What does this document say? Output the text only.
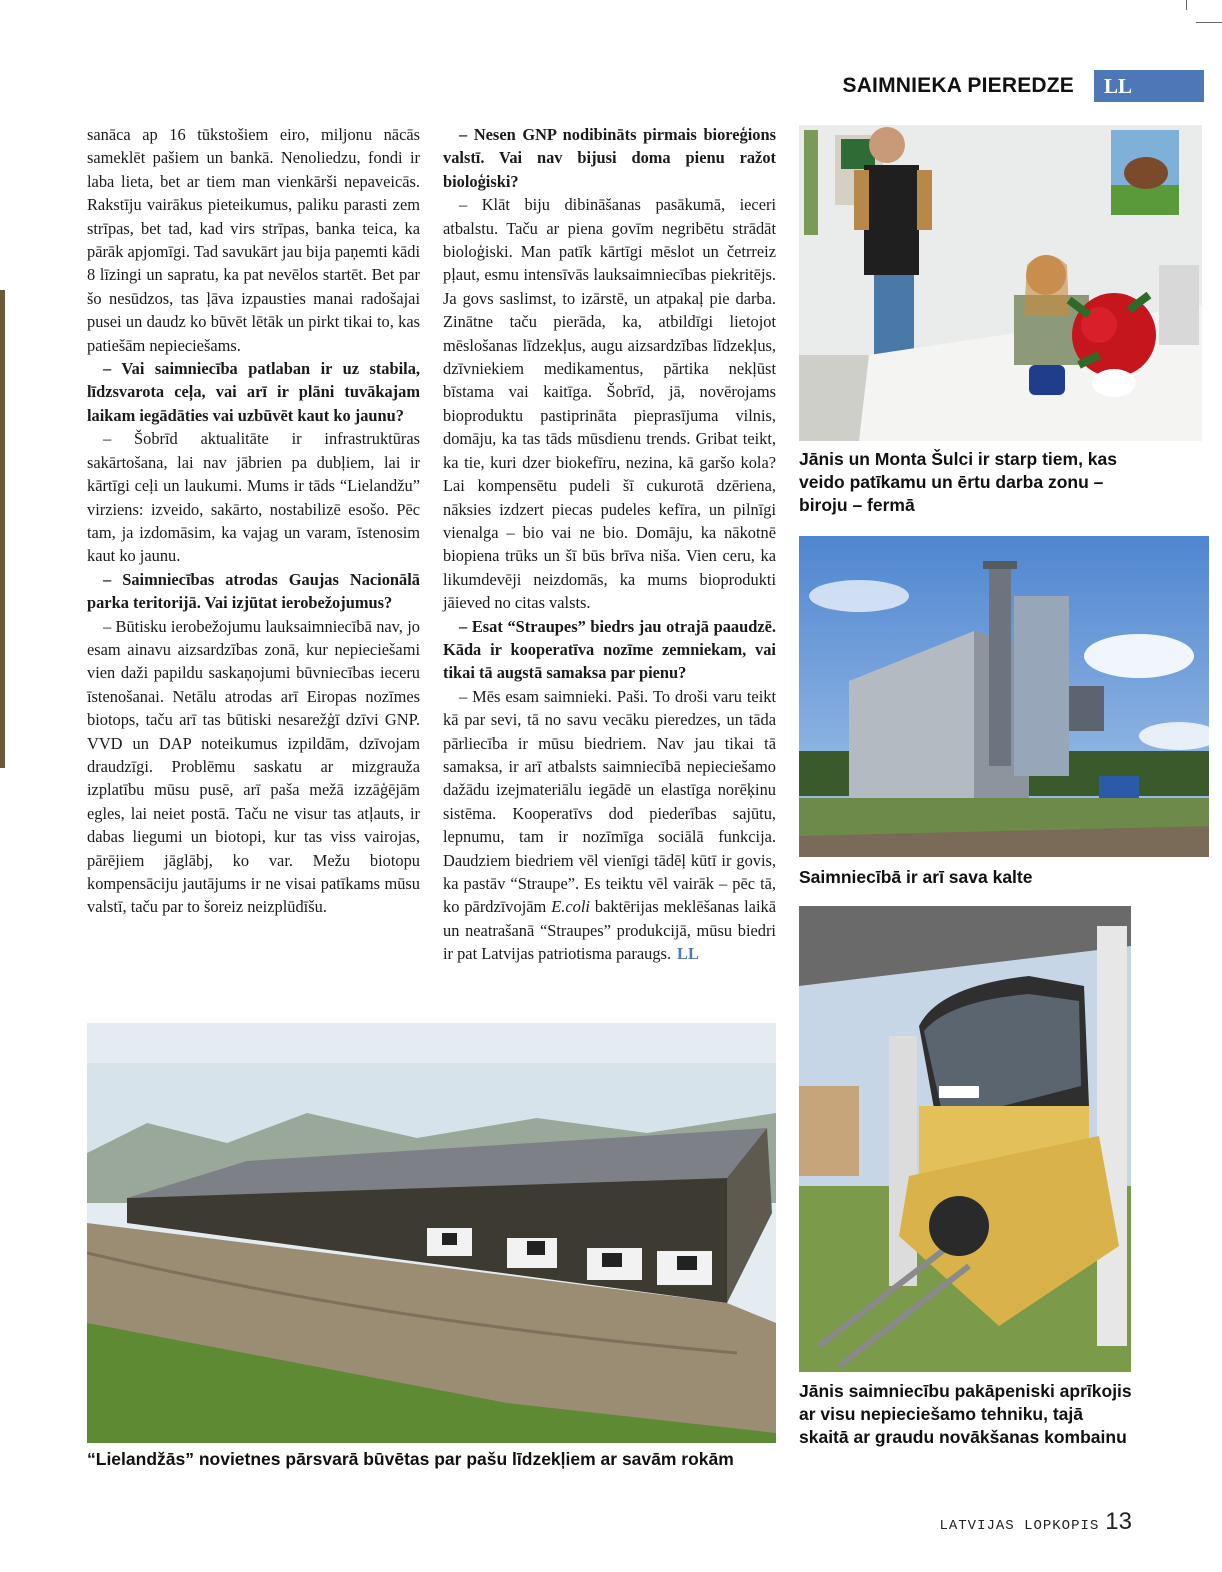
SAIMNIEKA PIEREDZE	LL

sanāca ap 16 tūkstošiem eiro, miljonu nācās sameklēt pašiem un bankā. Nenoliedzu, fondi ir laba lieta, bet ar tiem man vienkārši nepaveicās. Rakstīju vairākus pieteikumus, paliku parasti zem strīpas, bet tad, kad virs strīpas, banka teica, ka pārāk apjomīgi. Tad savukārt jau bija paņemti kādi 8 līzingi un sapratu, ka pat nevēlos startēt. Bet par šo nesūdzos, tas ļāva izpausties manai radošajai pusei un daudz ko būvēt lētāk un pirkt tikai to, kas patiešām nepieciešams.

– Vai saimniecība patlaban ir uz stabila, līdzsvarota ceļa, vai arī ir plāni tuvākajam laikam iegādāties vai uzbūvēt kaut ko jaunu?

– Šobrīd aktualitāte ir infrastruktūras sakārtošana, lai nav jābrien pa dubļiem, lai ir kārtīgi ceļi un laukumi. Mums ir tāds “Lielandžu” virziens: izveido, sakārto, nostabilizē esošo. Pēc tam, ja izdomāsim, ka vajag un varam, īstenosim kaut ko jaunu.

– Saimniecības atrodas Gaujas Nacionālā parka teritorijā. Vai izjūtat ierobežojumus?

– Būtisku ierobežojumu lauksaimniecībā nav, jo esam ainavu aizsardzības zonā, kur nepieciešami vien daži papildu saskaņojumi būvniecības ieceru īstenošanai. Netālu atrodas arī Eiropas nozīmes biotops, taču arī tas būtiski nesarežģī dzīvi GNP. VVD un DAP noteikumus izpildām, dzīvojam draudzīgi. Problēmu saskatu ar mizgrauža izplatību mūsu pusē, arī paša mežā izzāģējām egles, lai neiet postā. Taču ne visur tas atļauts, ir dabas liegumi un biotopi, kur tas viss vairojas, pārējiem jāglābj, ko var. Mežu biotopu kompensāciju jautājums ir ne visai patīkams mūsu valstī, taču par to šoreiz neizplūdīšu.

– Nesen GNP nodibināts pirmais bioreģions valstī. Vai nav bijusi doma pienu ražot bioloģiski?

– Klāt biju dibināšanas pasākumā, ieceri atbalstu. Taču ar piena govīm negribētu strādāt bioloģiski. Man patīk kārtīgi mēslot un četrreiz pļaut, esmu intensīvās lauksaimniecības piekritējs. Ja govs saslimst, to izārstē, un atpakaļ pie darba. Zinātne taču pierāda, ka, atbildīgi lietojot mēslošanas līdzekļus, augu aizsardzības līdzekļus, dzīvniekiem medikamentus, pārtika nekļūst bīstama vai kaitīga. Šobrīd, jā, novērojams bioproduktu pastiprināta pieprasījuma vilnis, domāju, ka tas tāds mūsdienu trends. Gribat teikt, ka tie, kuri dzer biokefīru, nezina, kā garšo kola? Lai kompensētu pudeli šī cukurotā dzēriena, nāksies izdzert piecas pudeles kefīra, un pilnīgi vienalga – bio vai ne bio. Domāju, ka nākotnē biopiena trūks un šī būs brīva niša. Vien ceru, ka likumdevēji neizdomās, ka mums bioprodukti jāieved no citas valsts.

– Esat “Straupes” biedrs jau otrajā paaudzē. Kāda ir kooperatīva nozīme zemniekam, vai tikai tā augstā samaksa par pienu?

– Mēs esam saimnieki. Paši. To droši varu teikt kā par sevi, tā no savu vecāku pieredzes, un tāda pārliecība ir mūsu biedriem. Nav jau tikai tā samaksa, ir arī atbalsts saimniecībā nepieciešamo dažādu izejmateriālu iegādē un elastīga norēķinu sistēma. Kooperatīvs dod piederības sajūtu, lepnumu, tam ir nozīmīga sociālā funkcija. Daudziem biedriem vēl vienīgi tādēļ kūtī ir govis, ka pastāv “Straupe”. Es teiktu vēl vairāk – pēc tā, ko pārdzīvojām E.coli baktērijas meklēšanas laikā un neatrašanā “Straupes” produkcijā, mūsu biedri ir pat Latvijas patriotisma paraugs. LL

Jānis un Monta Šulci ir starp tiem, kas veido patīkamu un ērtu darba zonu – biroju – fermā
Saimniecībā ir arī sava kalte
Jānis saimniecību pakāpeniski aprīkojis ar visu nepieciešamo tehniku, tajā skaitā ar graudu novākšanas kombainu
“Lielandžās” novietnes pārsvarā būvētas par pašu līdzekļiem ar savām rokām
LATVIJAS LOPKOPIS 13
